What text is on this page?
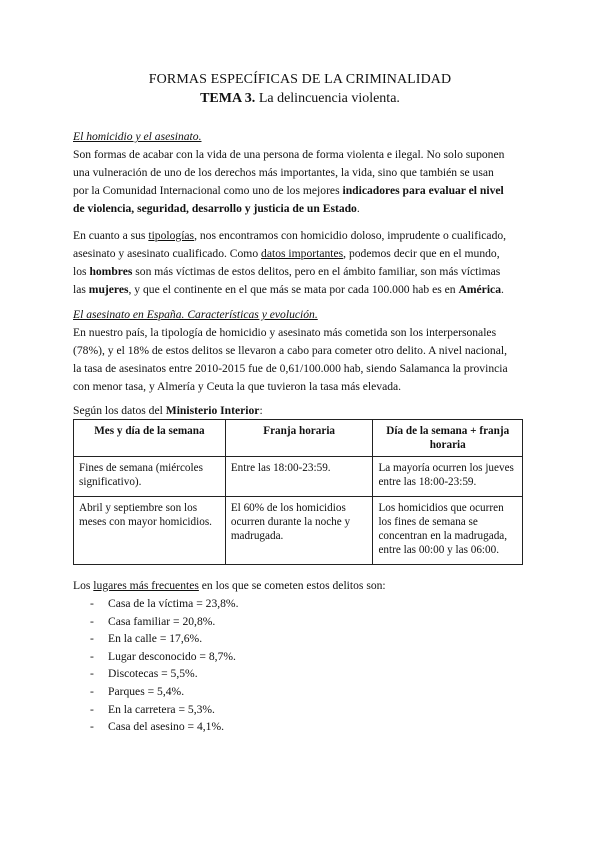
FORMAS ESPECÍFICAS DE LA CRIMINALIDAD
TEMA 3. La delincuencia violenta.
El homicidio y el asesinato.
Son formas de acabar con la vida de una persona de forma violenta e ilegal. No solo suponen
una vulneración de uno de los derechos más importantes, la vida, sino que también se usan
por la Comunidad Internacional como uno de los mejores indicadores para evaluar el nivel
de violencia, seguridad, desarrollo y justicia de un Estado.
En cuanto a sus tipologías, nos encontramos con homicidio doloso, imprudente o cualificado,
asesinato y asesinato cualificado. Como datos importantes, podemos decir que en el mundo,
los hombres son más víctimas de estos delitos, pero en el ámbito familiar, son más víctimas
las mujeres, y que el continente en el que más se mata por cada 100.000 hab es en América.
El asesinato en España. Características y evolución.
En nuestro país, la tipología de homicidio y asesinato más cometida son los interpersonales
(78%), y el 18% de estos delitos se llevaron a cabo para cometer otro delito. A nivel nacional,
la tasa de asesinatos entre 2010-2015 fue de 0,61/100.000 hab, siendo Salamanca la provincia
con menor tasa, y Almería y Ceuta la que tuvieron la tasa más elevada.
Según los datos del Ministerio Interior:
Mes y día de la semana	Franja horaria	Día de la semana + franja horaria
Fines de semana (miércoles significativo).	Entre las 18:00-23:59.	La mayoría ocurren los jueves entre las 18:00-23:59.
Abril y septiembre son los meses con mayor homicidios.	El 60% de los homicidios ocurren durante la noche y madrugada.	Los homicidios que ocurren los fines de semana se concentran en la madrugada, entre las 00:00 y las 06:00.
Los lugares más frecuentes en los que se cometen estos delitos son:
- Casa de la víctima = 23,8%.
- Casa familiar = 20,8%.
- En la calle = 17,6%.
- Lugar desconocido = 8,7%.
- Discotecas = 5,5%.
- Parques = 5,4%.
- En la carretera = 5,3%.
- Casa del asesino = 4,1%.
